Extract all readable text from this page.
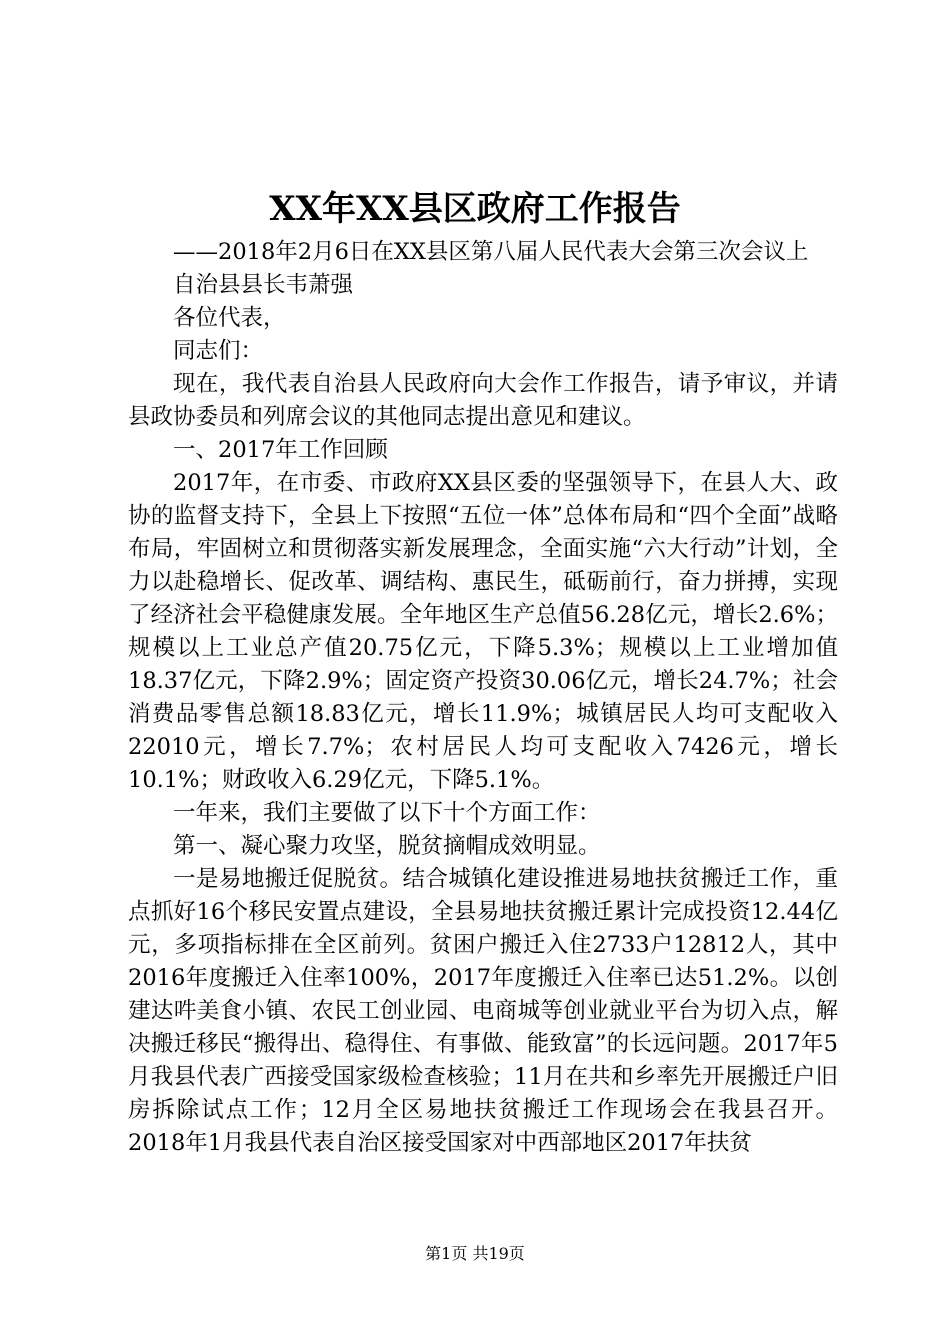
XX年XX县区政府工作报告

——2018年2月6日在XX县区第八届人民代表大会第三次会议上

自治县县长韦萧强

各位代表，

同志们：

现在，我代表自治县人民政府向大会作工作报告，请予审议，并请县政协委员和列席会议的其他同志提出意见和建议。

一、2017年工作回顾

2017年，在市委、市政府XX县区委的坚强领导下，在县人大、政协的监督支持下，全县上下按照“五位一体”总体布局和“四个全面”战略布局，牢固树立和贯彻落实新发展理念，全面实施“六大行动”计划，全力以赴稳增长、促改革、调结构、惠民生，砥砺前行，奋力拼搏，实现了经济社会平稳健康发展。全年地区生产总值56.28亿元，增长2.6%；规模以上工业总产值20.75亿元，下降5.3%；规模以上工业增加值18.37亿元，下降2.9%；固定资产投资30.06亿元，增长24.7%；社会消费品零售总额18.83亿元，增长11.9%；城镇居民人均可支配收入22010元，增长7.7%；农村居民人均可支配收入7426元，增长10.1%；财政收入6.29亿元，下降5.1%。

一年来，我们主要做了以下十个方面工作：

第一、凝心聚力攻坚，脱贫摘帽成效明显。

一是易地搬迁促脱贫。结合城镇化建设推进易地扶贫搬迁工作，重点抓好16个移民安置点建设，全县易地扶贫搬迁累计完成投资12.44亿元，多项指标排在全区前列。贫困户搬迁入住2733户12812人，其中2016年度搬迁入住率100%，2017年度搬迁入住率已达51.2%。以创建达吽美食小镇、农民工创业园、电商城等创业就业平台为切入点，解决搬迁移民“搬得出、稳得住、有事做、能致富”的长远问题。2017年5月我县代表广西接受国家级检查核验；11月在共和乡率先开展搬迁户旧房拆除试点工作；12月全区易地扶贫搬迁工作现场会在我县召开。2018年1月我县代表自治区接受国家对中西部地区2017年扶贫

第1页 共19页
